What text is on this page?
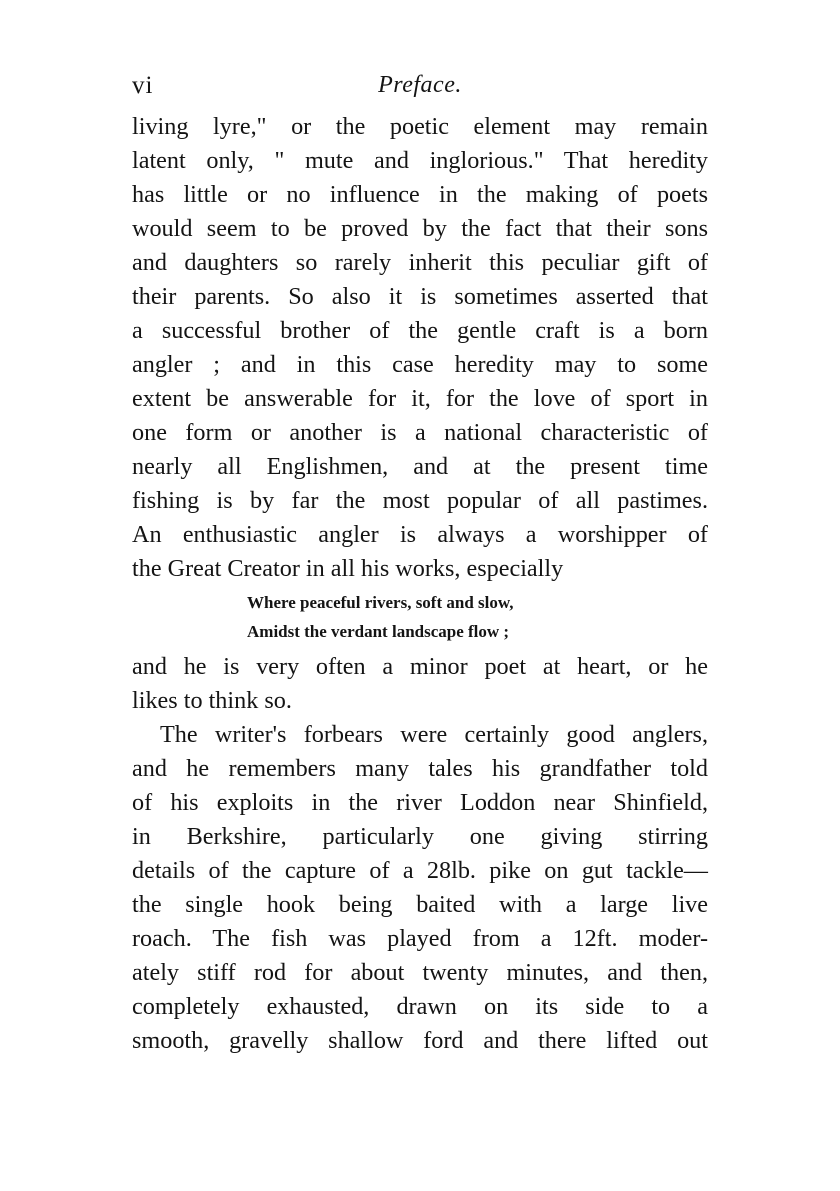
vi	Preface.
living lyre," or the poetic element may remain
latent only, " mute and inglorious." That heredity
has little or no influence in the making of poets
would seem to be proved by the fact that their sons
and daughters so rarely inherit this peculiar gift of
their parents. So also it is sometimes asserted that
a successful brother of the gentle craft is a born
angler ; and in this case heredity may to some
extent be answerable for it, for the love of sport in
one form or another is a national characteristic of
nearly all Englishmen, and at the present time
fishing is by far the most popular of all pastimes.
An enthusiastic angler is always a worshipper of
the Great Creator in all his works, especially
Where peaceful rivers, soft and slow,
Amidst the verdant landscape flow ;
and he is very often a minor poet at heart, or he
likes to think so.
The writer's forbears were certainly good anglers,
and he remembers many tales his grandfather told
of his exploits in the river Loddon near Shinfield,
in Berkshire, particularly one giving stirring
details of the capture of a 28lb. pike on gut tackle—
the single hook being baited with a large live
roach. The fish was played from a 12ft. moder-
ately stiff rod for about twenty minutes, and then,
completely exhausted, drawn on its side to a
smooth, gravelly shallow ford and there lifted out
